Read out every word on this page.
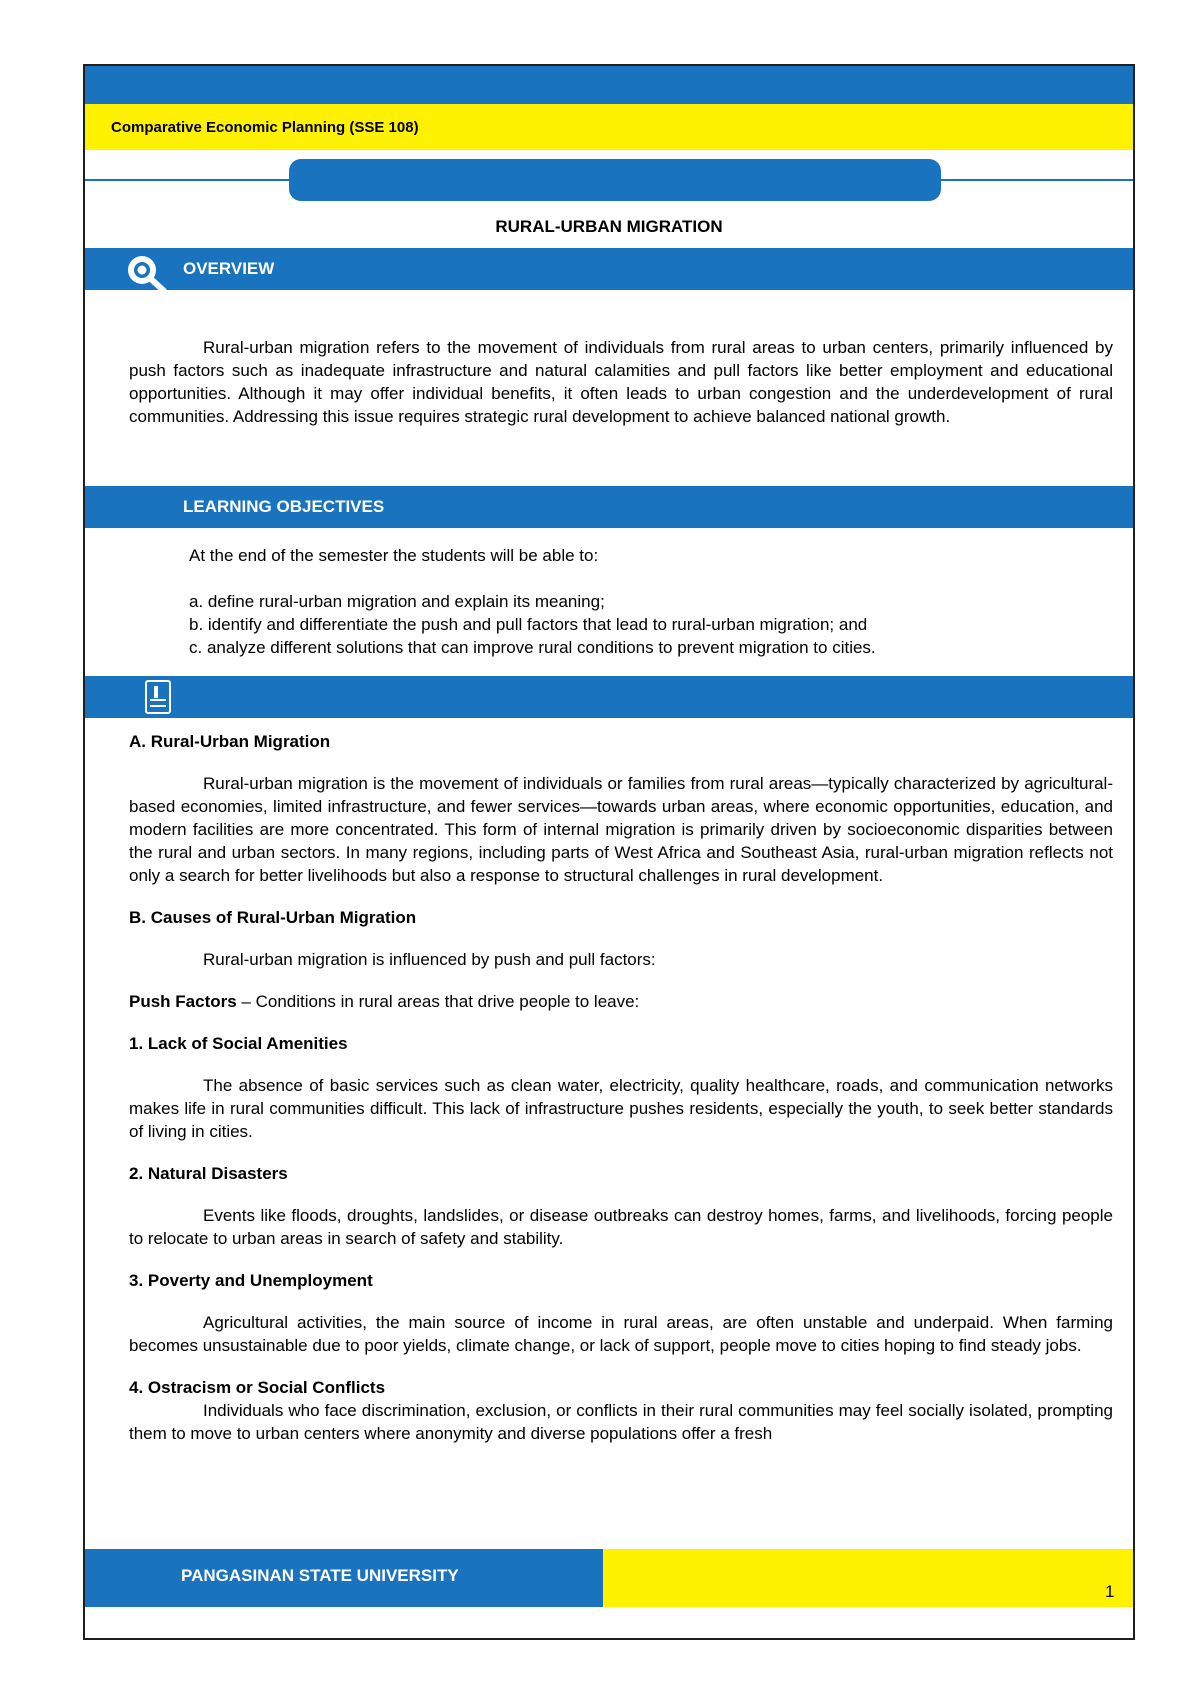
Comparative Economic Planning (SSE 108)
RURAL-URBAN MIGRATION
OVERVIEW
Rural-urban migration refers to the movement of individuals from rural areas to urban centers, primarily influenced by push factors such as inadequate infrastructure and natural calamities and pull factors like better employment and educational opportunities. Although it may offer individual benefits, it often leads to urban congestion and the underdevelopment of rural communities. Addressing this issue requires strategic rural development to achieve balanced national growth.
LEARNING OBJECTIVES
At the end of the semester the students will be able to:

a. define rural-urban migration and explain its meaning;

b. identify and differentiate the push and pull factors that lead to rural-urban migration; and

c. analyze different solutions that can improve rural conditions to prevent migration to cities.

A. Rural-Urban Migration

Rural-urban migration is the movement of individuals or families from rural areas—typically characterized by agricultural-based economies, limited infrastructure, and fewer services—towards urban areas, where economic opportunities, education, and modern facilities are more concentrated. This form of internal migration is primarily driven by socioeconomic disparities between the rural and urban sectors. In many regions, including parts of West Africa and Southeast Asia, rural-urban migration reflects not only a search for better livelihoods but also a response to structural challenges in rural development.

B. Causes of Rural-Urban Migration

Rural-urban migration is influenced by push and pull factors:

Push Factors – Conditions in rural areas that drive people to leave:

1. Lack of Social Amenities

The absence of basic services such as clean water, electricity, quality healthcare, roads, and communication networks makes life in rural communities difficult. This lack of infrastructure pushes residents, especially the youth, to seek better standards of living in cities.

2. Natural Disasters

Events like floods, droughts, landslides, or disease outbreaks can destroy homes, farms, and livelihoods, forcing people to relocate to urban areas in search of safety and stability.

3. Poverty and Unemployment

Agricultural activities, the main source of income in rural areas, are often unstable and underpaid. When farming becomes unsustainable due to poor yields, climate change, or lack of support, people move to cities hoping to find steady jobs.

4. Ostracism or Social Conflicts

Individuals who face discrimination, exclusion, or conflicts in their rural communities may feel socially isolated, prompting them to move to urban centers where anonymity and diverse populations offer a fresh

PANGASINAN STATE UNIVERSITY
1
